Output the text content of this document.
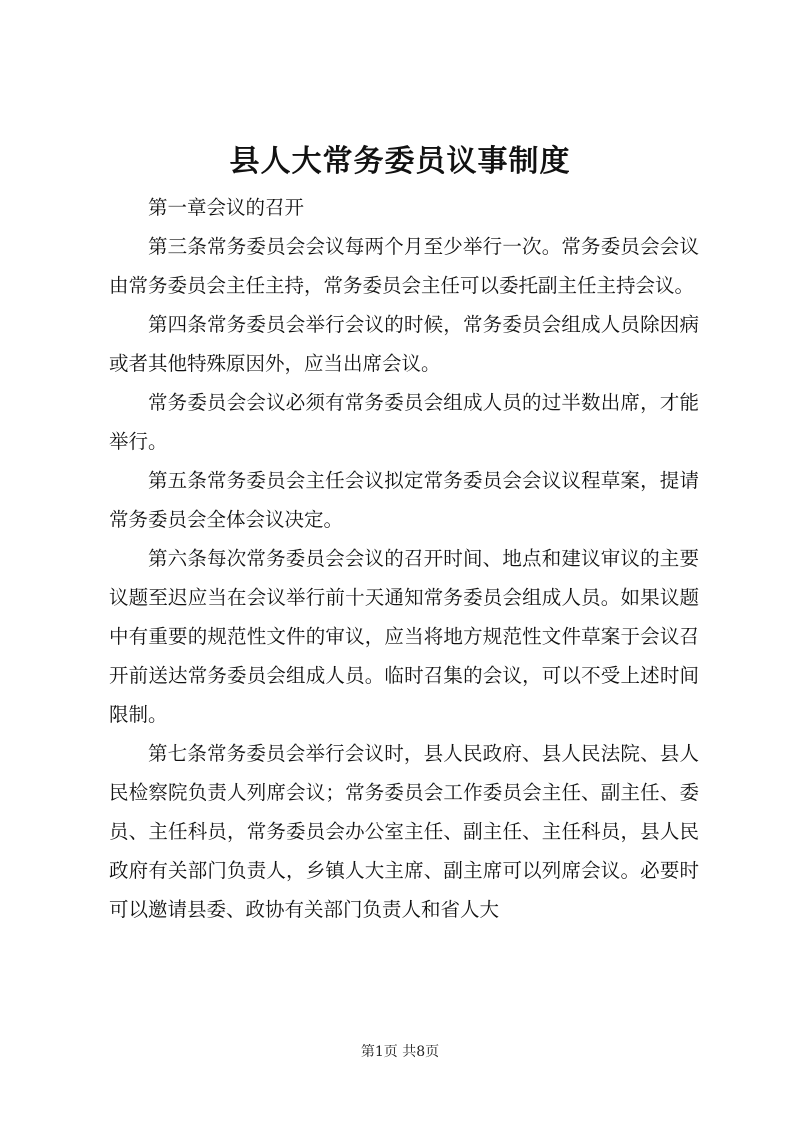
县人大常务委员议事制度

第一章会议的召开

第三条常务委员会会议每两个月至少举行一次。常务委员会会议由常务委员会主任主持，常务委员会主任可以委托副主任主持会议。

第四条常务委员会举行会议的时候，常务委员会组成人员除因病或者其他特殊原因外，应当出席会议。

常务委员会会议必须有常务委员会组成人员的过半数出席，才能举行。

第五条常务委员会主任会议拟定常务委员会会议议程草案，提请常务委员会全体会议决定。

第六条每次常务委员会会议的召开时间、地点和建议审议的主要议题至迟应当在会议举行前十天通知常务委员会组成人员。如果议题中有重要的规范性文件的审议，应当将地方规范性文件草案于会议召开前送达常务委员会组成人员。临时召集的会议，可以不受上述时间限制。

第七条常务委员会举行会议时，县人民政府、县人民法院、县人民检察院负责人列席会议；常务委员会工作委员会主任、副主任、委员、主任科员，常务委员会办公室主任、副主任、主任科员，县人民政府有关部门负责人，乡镇人大主席、副主席可以列席会议。必要时可以邀请县委、政协有关部门负责人和省人大

第1页 共8页
